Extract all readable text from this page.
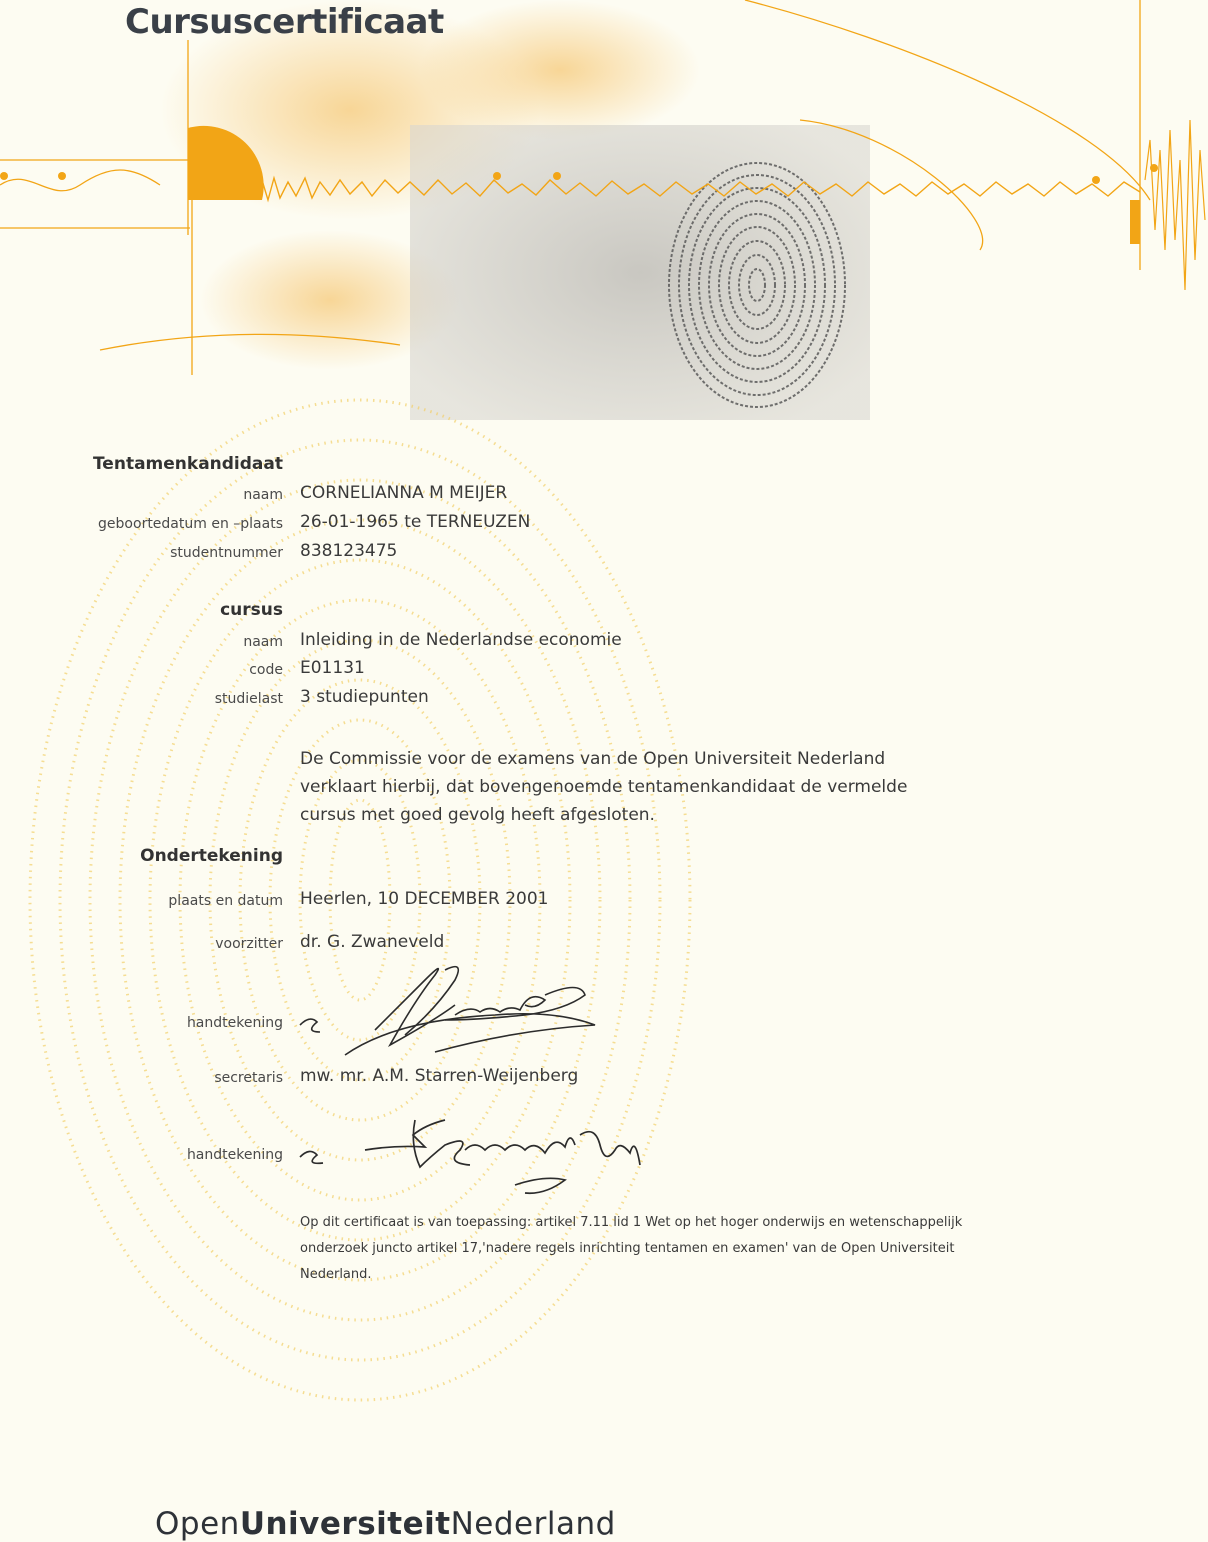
Cursuscertificaat
Tentamenkandidaat
naam CORNELIANNA M MEIJER
geboortedatum en –plaats 26-01-1965 te TERNEUZEN
studentnummer 838123475
cursus
naam Inleiding in de Nederlandse economie
code E01131
studielast 3 studiepunten
De Commissie voor de examens van de Open Universiteit Nederland verklaart hierbij, dat bovengenoemde tentamenkandidaat de vermelde cursus met goed gevolg heeft afgesloten.
Ondertekening
plaats en datum Heerlen, 10 DECEMBER 2001
voorzitter dr. G. Zwaneveld
handtekening
secretaris mw. mr. A.M. Starren-Weijenberg
handtekening
Op dit certificaat is van toepassing: artikel 7.11 lid 1 Wet op het hoger onderwijs en wetenschappelijk onderzoek juncto artikel 17,'nadere regels inrichting tentamen en examen' van de Open Universiteit Nederland.
OpenUniversiteitNederland
